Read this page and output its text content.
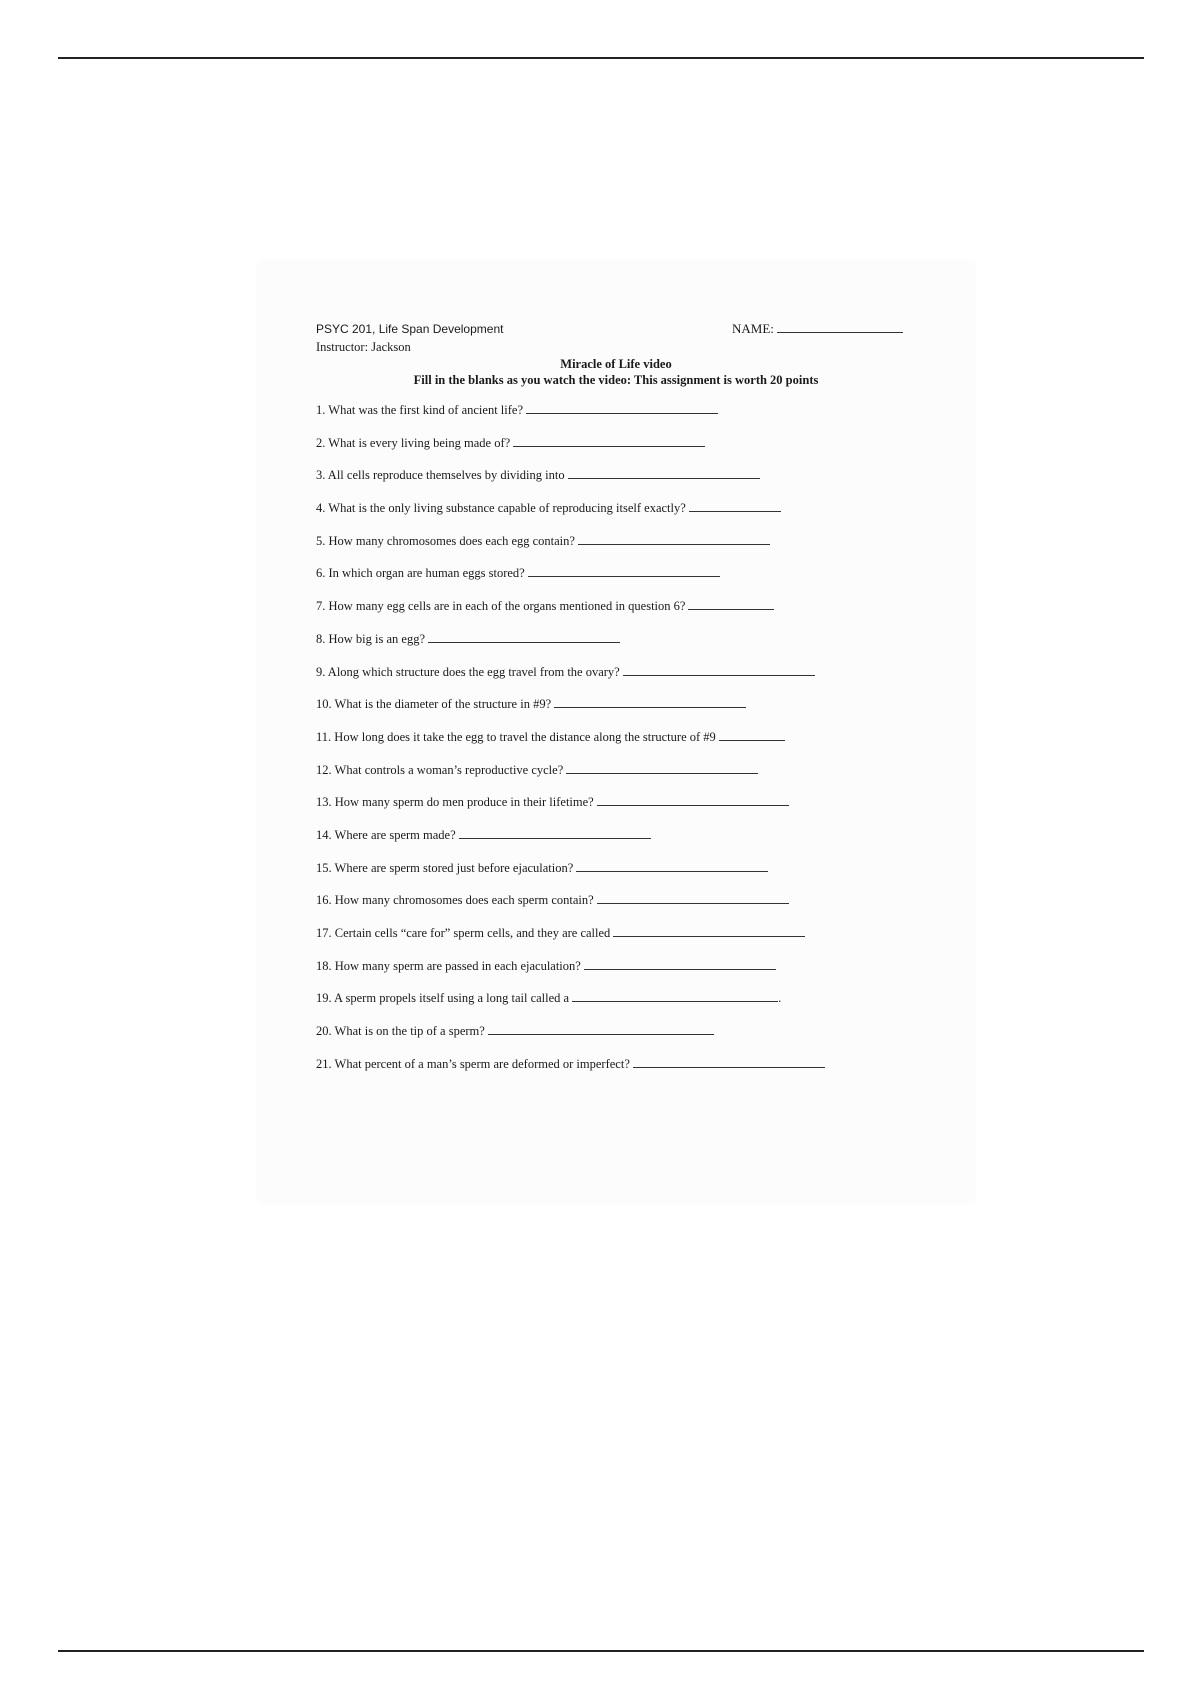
PSYC 201, Life Span Development
Instructor: Jackson
NAME:
Miracle of Life video
Fill in the blanks as you watch the video: This assignment is worth 20 points
1. What was the first kind of ancient life?
2. What is every living being made of?
3. All cells reproduce themselves by dividing into
4. What is the only living substance capable of reproducing itself exactly?
5. How many chromosomes does each egg contain?
6. In which organ are human eggs stored?
7. How many egg cells are in each of the organs mentioned in question 6?
8. How big is an egg?
9. Along which structure does the egg travel from the ovary?
10. What is the diameter of the structure in #9?
11. How long does it take the egg to travel the distance along the structure of #9
12. What controls a woman’s reproductive cycle?
13. How many sperm do men produce in their lifetime?
14. Where are sperm made?
15. Where are sperm stored just before ejaculation?
16. How many chromosomes does each sperm contain?
17. Certain cells “care for” sperm cells, and they are called
18. How many sperm are passed in each ejaculation?
19. A sperm propels itself using a long tail called a	.
20. What is on the tip of a sperm?
21. What percent of a man’s sperm are deformed or imperfect?
